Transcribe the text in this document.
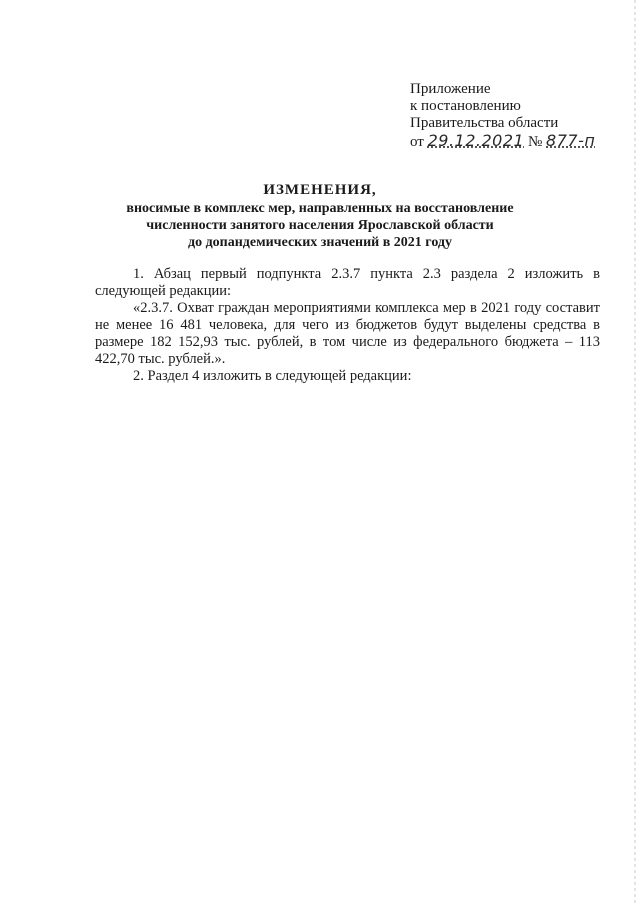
Приложение
к постановлению
Правительства области
от 29.12.2021 № 877-п
ИЗМЕНЕНИЯ,
вносимые в комплекс мер, направленных на восстановление
численности занятого населения Ярославской области
до допандемических значений в 2021 году

1. Абзац первый подпункта 2.3.7 пункта 2.3 раздела 2 изложить в следующей редакции:

«2.3.7. Охват граждан мероприятиями комплекса мер в 2021 году составит не менее 16 481 человека, для чего из бюджетов будут выделены средства в размере 182 152,93 тыс. рублей, в том числе из федерального бюджета – 113 422,70 тыс. рублей.».

2. Раздел 4 изложить в следующей редакции:
